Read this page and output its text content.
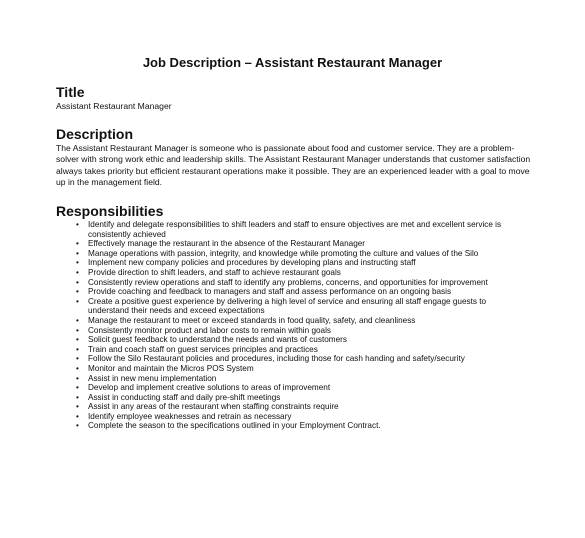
Job Description – Assistant Restaurant Manager
Title
Assistant Restaurant Manager
Description
The Assistant Restaurant Manager is someone who is passionate about food and customer service. They are a problem-solver with strong work ethic and leadership skills. The Assistant Restaurant Manager understands that customer satisfaction always takes priority but efficient restaurant operations make it possible. They are an experienced leader with a goal to move up in the management field.
Responsibilities
• Identify and delegate responsibilities to shift leaders and staff to ensure objectives are met and excellent service is consistently achieved
• Effectively manage the restaurant in the absence of the Restaurant Manager
• Manage operations with passion, integrity, and knowledge while promoting the culture and values of the Silo
• Implement new company policies and procedures by developing plans and instructing staff
• Provide direction to shift leaders, and staff to achieve restaurant goals
• Consistently review operations and staff to identify any problems, concerns, and opportunities for improvement
• Provide coaching and feedback to managers and staff and assess performance on an ongoing basis
• Create a positive guest experience by delivering a high level of service and ensuring all staff engage guests to understand their needs and exceed expectations
• Manage the restaurant to meet or exceed standards in food quality, safety, and cleanliness
• Consistently monitor product and labor costs to remain within goals
• Solicit guest feedback to understand the needs and wants of customers
• Train and coach staff on guest services principles and practices
• Follow the Silo Restaurant policies and procedures, including those for cash handing and safety/security
• Monitor and maintain the Micros POS System
• Assist in new menu implementation
• Develop and implement creative solutions to areas of improvement
• Assist in conducting staff and daily pre-shift meetings
• Assist in any areas of the restaurant when staffing constraints require
• Identify employee weaknesses and retrain as necessary
• Complete the season to the specifications outlined in your Employment Contract.
